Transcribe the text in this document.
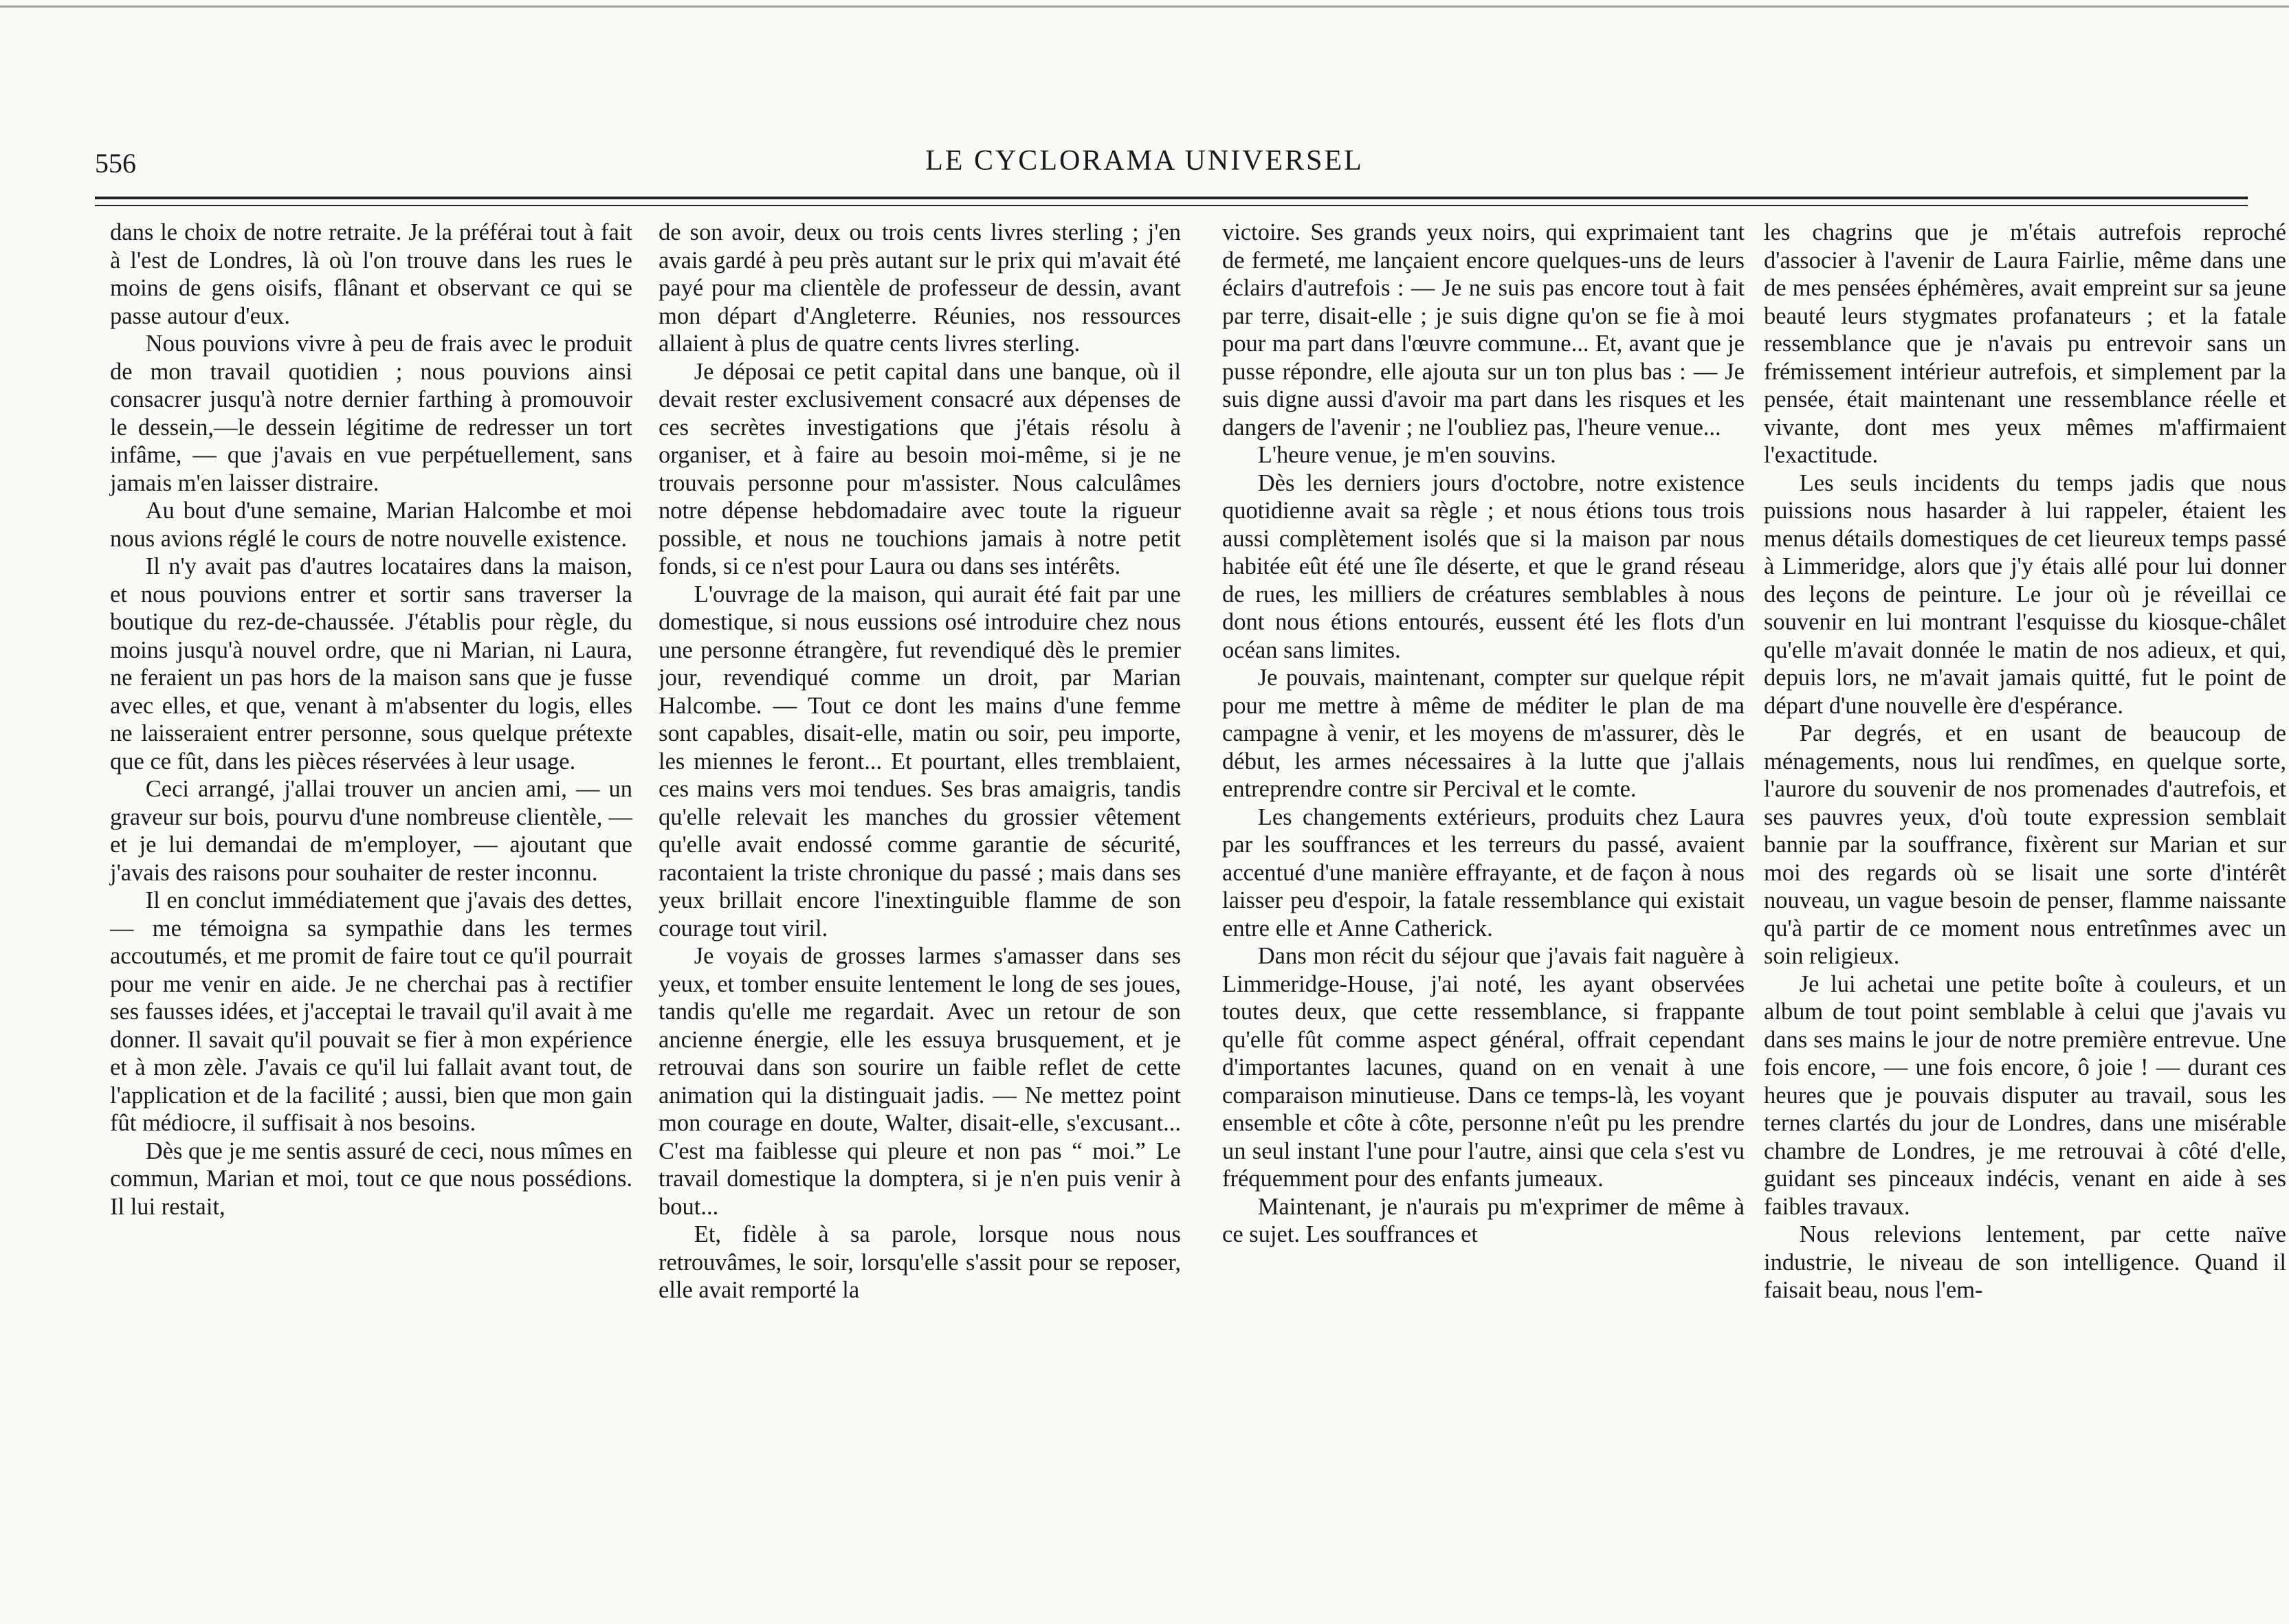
556	LE CYCLORAMA UNIVERSEL

dans le choix de notre retraite. Je la préférai tout à fait à l'est de Londres, là où l'on trouve dans les rues le moins de gens oisifs, flânant et observant ce qui se passe autour d'eux.

Nous pouvions vivre à peu de frais avec le produit de mon travail quotidien ; nous pouvions ainsi consacrer jusqu'à notre dernier farthing à promouvoir le dessein,—le dessein légitime de redresser un tort infâme, — que j'avais en vue perpétuellement, sans jamais m'en laisser distraire.

Au bout d'une semaine, Marian Halcombe et moi nous avions réglé le cours de notre nouvelle existence.

Il n'y avait pas d'autres locataires dans la maison, et nous pouvions entrer et sortir sans traverser la boutique du rez-de-chaussée. J'établis pour règle, du moins jusqu'à nouvel ordre, que ni Marian, ni Laura, ne feraient un pas hors de la maison sans que je fusse avec elles, et que, venant à m'absenter du logis, elles ne laisseraient entrer personne, sous quelque prétexte que ce fût, dans les pièces réservées à leur usage.

Ceci arrangé, j'allai trouver un ancien ami, — un graveur sur bois, pourvu d'une nombreuse clientèle, — et je lui demandai de m'employer, — ajoutant que j'avais des raisons pour souhaiter de rester inconnu.

Il en conclut immédiatement que j'avais des dettes, — me témoigna sa sympathie dans les termes accoutumés, et me promit de faire tout ce qu'il pourrait pour me venir en aide. Je ne cherchai pas à rectifier ses fausses idées, et j'acceptai le travail qu'il avait à me donner. Il savait qu'il pouvait se fier à mon expérience et à mon zèle. J'avais ce qu'il lui fallait avant tout, de l'application et de la facilité ; aussi, bien que mon gain fût médiocre, il suffisait à nos besoins.

Dès que je me sentis assuré de ceci, nous mîmes en commun, Marian et moi, tout ce que nous possédions. Il lui restait,

de son avoir, deux ou trois cents livres sterling ; j'en avais gardé à peu près autant sur le prix qui m'avait été payé pour ma clientèle de professeur de dessin, avant mon départ d'Angleterre. Réunies, nos ressources allaient à plus de quatre cents livres sterling.

Je déposai ce petit capital dans une banque, où il devait rester exclusivement consacré aux dépenses de ces secrètes investigations que j'étais résolu à organiser, et à faire au besoin moi-même, si je ne trouvais personne pour m'assister. Nous calculâmes notre dépense hebdomadaire avec toute la rigueur possible, et nous ne touchions jamais à notre petit fonds, si ce n'est pour Laura ou dans ses intérêts.

L'ouvrage de la maison, qui aurait été fait par une domestique, si nous eussions osé introduire chez nous une personne étrangère, fut revendiqué dès le premier jour, revendiqué comme un droit, par Marian Halcombe. — Tout ce dont les mains d'une femme sont capables, disait-elle, matin ou soir, peu importe, les miennes le feront... Et pourtant, elles tremblaient, ces mains vers moi tendues. Ses bras amaigris, tandis qu'elle relevait les manches du grossier vêtement qu'elle avait endossé comme garantie de sécurité, racontaient la triste chronique du passé ; mais dans ses yeux brillait encore l'inextinguible flamme de son courage tout viril.

Je voyais de grosses larmes s'amasser dans ses yeux, et tomber ensuite lentement le long de ses joues, tandis qu'elle me regardait. Avec un retour de son ancienne énergie, elle les essuya brusquement, et je retrouvai dans son sourire un faible reflet de cette animation qui la distinguait jadis. — Ne mettez point mon courage en doute, Walter, disait-elle, s'excusant... C'est ma faiblesse qui pleure et non pas “ moi.” Le travail domestique la domptera, si je n'en puis venir à bout...

Et, fidèle à sa parole, lorsque nous nous retrouvâmes, le soir, lorsqu'elle s'assit pour se reposer, elle avait remporté la

victoire. Ses grands yeux noirs, qui exprimaient tant de fermeté, me lançaient encore quelques-uns de leurs éclairs d'autrefois : — Je ne suis pas encore tout à fait par terre, disait-elle ; je suis digne qu'on se fie à moi pour ma part dans l'œuvre commune... Et, avant que je pusse répondre, elle ajouta sur un ton plus bas : — Je suis digne aussi d'avoir ma part dans les risques et les dangers de l'avenir ; ne l'oubliez pas, l'heure venue...

L'heure venue, je m'en souvins.

Dès les derniers jours d'octobre, notre existence quotidienne avait sa règle ; et nous étions tous trois aussi complètement isolés que si la maison par nous habitée eût été une île déserte, et que le grand réseau de rues, les milliers de créatures semblables à nous dont nous étions entourés, eussent été les flots d'un océan sans limites.

Je pouvais, maintenant, compter sur quelque répit pour me mettre à même de méditer le plan de ma campagne à venir, et les moyens de m'assurer, dès le début, les armes nécessaires à la lutte que j'allais entreprendre contre sir Percival et le comte.

Les changements extérieurs, produits chez Laura par les souffrances et les terreurs du passé, avaient accentué d'une manière effrayante, et de façon à nous laisser peu d'espoir, la fatale ressemblance qui existait entre elle et Anne Catherick.

Dans mon récit du séjour que j'avais fait naguère à Limmeridge-House, j'ai noté, les ayant observées toutes deux, que cette ressemblance, si frappante qu'elle fût comme aspect général, offrait cependant d'importantes lacunes, quand on en venait à une comparaison minutieuse. Dans ce temps-là, les voyant ensemble et côte à côte, personne n'eût pu les prendre un seul instant l'une pour l'autre, ainsi que cela s'est vu fréquemment pour des enfants jumeaux.

Maintenant, je n'aurais pu m'exprimer de même à ce sujet. Les souffrances et

les chagrins que je m'étais autrefois reproché d'associer à l'avenir de Laura Fairlie, même dans une de mes pensées éphémères, avait empreint sur sa jeune beauté leurs stygmates profanateurs ; et la fatale ressemblance que je n'avais pu entrevoir sans un frémissement intérieur autrefois, et simplement par la pensée, était maintenant une ressemblance réelle et vivante, dont mes yeux mêmes m'affirmaient l'exactitude.

Les seuls incidents du temps jadis que nous puissions nous hasarder à lui rappeler, étaient les menus détails domestiques de cet lieureux temps passé à Limmeridge, alors que j'y étais allé pour lui donner des leçons de peinture. Le jour où je réveillai ce souvenir en lui montrant l'esquisse du kiosque-châlet qu'elle m'avait donnée le matin de nos adieux, et qui, depuis lors, ne m'avait jamais quitté, fut le point de départ d'une nouvelle ère d'espérance.

Par degrés, et en usant de beaucoup de ménagements, nous lui rendîmes, en quelque sorte, l'aurore du souvenir de nos promenades d'autrefois, et ses pauvres yeux, d'où toute expression semblait bannie par la souffrance, fixèrent sur Marian et sur moi des regards où se lisait une sorte d'intérêt nouveau, un vague besoin de penser, flamme naissante qu'à partir de ce moment nous entretînmes avec un soin religieux.

Je lui achetai une petite boîte à couleurs, et un album de tout point semblable à celui que j'avais vu dans ses mains le jour de notre première entrevue. Une fois encore, — une fois encore, ô joie ! — durant ces heures que je pouvais disputer au travail, sous les ternes clartés du jour de Londres, dans une misérable chambre de Londres, je me retrouvai à côté d'elle, guidant ses pinceaux indécis, venant en aide à ses faibles travaux.

Nous relevions lentement, par cette naïve industrie, le niveau de son intelligence. Quand il faisait beau, nous l'em-
